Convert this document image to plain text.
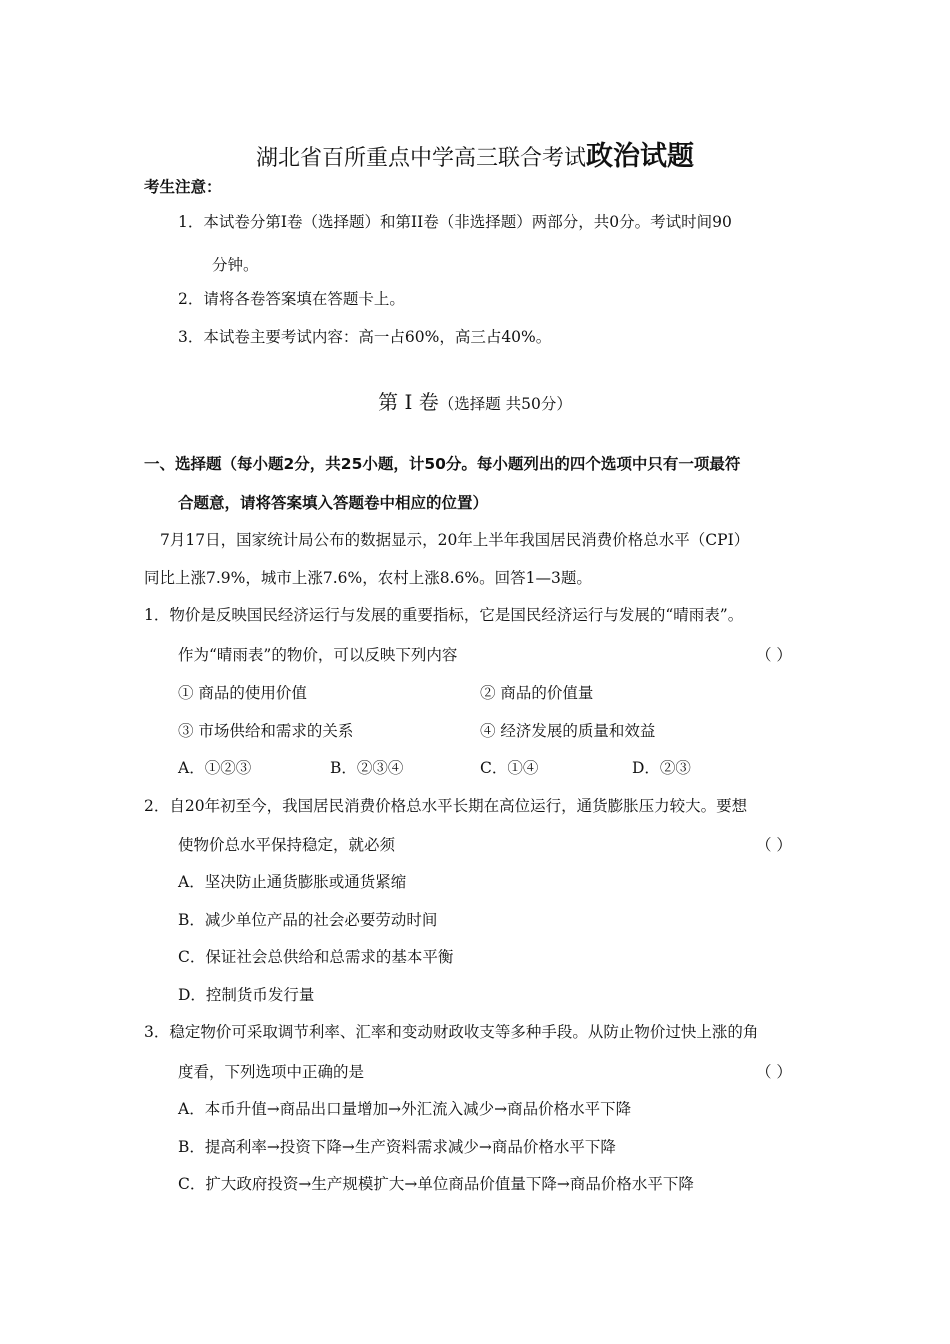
湖北省百所重点中学高三联合考试政治试题
考生注意：
1．本试卷分第I卷（选择题）和第II卷（非选择题）两部分，共0分。考试时间90
分钟。
2．请将各卷答案填在答题卡上。
3．本试卷主要考试内容：高一占60%，高三占40%。
第 Ⅰ 卷（选择题 共50分）
一、选择题（每小题2分，共25小题，计50分。每小题列出的四个选项中只有一项最符
合题意，请将答案填入答题卷中相应的位置）
7月17日，国家统计局公布的数据显示，20年上半年我国居民消费价格总水平（CPI）
同比上涨7.9%，城市上涨7.6%，农村上涨8.6%。回答1—3题。
1．物价是反映国民经济运行与发展的重要指标，它是国民经济运行与发展的“晴雨表”。
作为“晴雨表”的物价，可以反映下列内容	（ ）
① 商品的使用价值	② 商品的价值量
③ 市场供给和需求的关系	④ 经济发展的质量和效益
A．①②③	B．②③④	C．①④	D．②③
2．自20年初至今，我国居民消费价格总水平长期在高位运行，通货膨胀压力较大。要想
使物价总水平保持稳定，就必须	（ ）
A．坚决防止通货膨胀或通货紧缩
B．减少单位产品的社会必要劳动时间
C．保证社会总供给和总需求的基本平衡
D．控制货币发行量
3．稳定物价可采取调节利率、汇率和变动财政收支等多种手段。从防止物价过快上涨的角
度看，下列选项中正确的是	（ ）
A．本币升值→商品出口量增加→外汇流入减少→商品价格水平下降
B．提高利率→投资下降→生产资料需求减少→商品价格水平下降
C．扩大政府投资→生产规模扩大→单位商品价值量下降→商品价格水平下降
